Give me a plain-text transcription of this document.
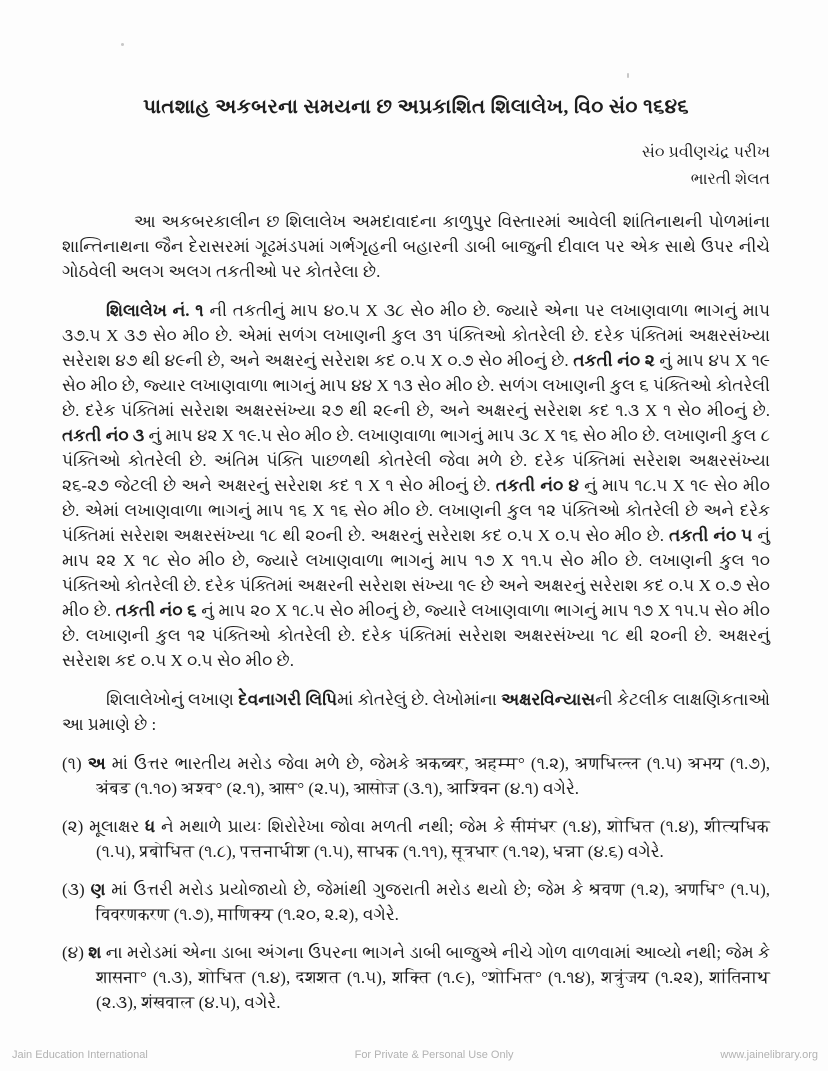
પાતશાહ અકબરના સમયના છ અપ્રકાશિત શિલાલેખ, વિ૦ સં૦ ૧૬૪૬
સં૦ પ્રવીણચંદ્ર પરીખ
ભારતી શેલત

આ અકબરકાલીન છ શિલાલેખ અમદાવાદના કાળુપુર વિસ્તારમાં આવેલી શાંતિનાથની પોળમાંના શાન્તિનાથના જૈન દેરાસરમાં ગૂઢમંડપમાં ગર્ભગૃહની બહારની ડાબી બાજુની દીવાલ પર એક સાથે ઉપર નીચે ગોઠવેલી અલગ અલગ તકતીઓ પર કોતરેલા છે.

શિલાલેખ નં. ૧ ની તકતીનું માપ ૪૦.૫ X ૩૮ સે૦ મી૦ છે. જ્યારે એના પર લખાણવાળા ભાગનું માપ ૩૭.૫ X ૩૭ સે૦ મી૦ છે. એમાં સળંગ લખાણની કુલ ૩૧ પંક્તિઓ કોતરેલી છે. દરેક પંક્તિમાં અક્ષરસંખ્યા સરેરાશ ૪૭ થી ૪૯ની છે, અને અક્ષરનું સરેરાશ કદ ૦.૫ X ૦.૭ સે૦ મી૦નું છે. તકતી નં૦ ૨ નું માપ ૪૫ X ૧૯ સે૦ મી૦ છે, જ્યાર લખાણવાળા ભાગનું માપ ૪૪ X ૧૩ સે૦ મી૦ છે. સળંગ લખાણની કુલ ૬ પંક્તિઓ કોતરેલી છે. દરેક પંક્તિમાં સરેરાશ અક્ષરસંખ્યા ૨૭ થી ૨૯ની છે, અને અક્ષરનું સરેરાશ કદ ૧.૩ X ૧ સે૦ મી૦નું છે. તકતી નં૦ ૩ નું માપ ૪૨ X ૧૯.૫ સે૦ મી૦ છે. લખાણવાળા ભાગનું માપ ૩૮ X ૧૬ સે૦ મી૦ છે. લખાણની કુલ ૮ પંક્તિઓ કોતરેલી છે. અંતિમ પંક્તિ પાછળથી કોતરેલી જેવા મળે છે. દરેક પંક્તિમાં સરેરાશ અક્ષરસંખ્યા ૨૬-૨૭ જેટલી છે અને અક્ષરનું સરેરાશ કદ ૧ X ૧ સે૦ મી૦નું છે. તકતી નં૦ ૪ નું માપ ૧૮.૫ X ૧૯ સે૦ મી૦ છે. એમાં લખાણવાળા ભાગનું માપ ૧૬ X ૧૬ સે૦ મી૦ છે. લખાણની કુલ ૧૨ પંક્તિઓ કોતરેલી છે અને દરેક પંક્તિમાં સરેરાશ અક્ષરસંખ્યા ૧૮ થી ૨૦ની છે. અક્ષરનું સરેરાશ કદ ૦.૫ X ૦.૫ સે૦ મી૦ છે. તકતી નં૦ ૫ નું માપ ૨૨ X ૧૮ સે૦ મી૦ છે, જ્યારે લખાણવાળા ભાગનું માપ ૧૭ X ૧૧.૫ સે૦ મી૦ છે. લખાણની કુલ ૧૦ પંક્તિઓ કોતરેલી છે. દરેક પંક્તિમાં અક્ષરની સરેરાશ સંખ્યા ૧૯ છે અને અક્ષરનું સરેરાશ કદ ૦.૫ X ૦.૭ સે૦ મી૦ છે. તકતી નં૦ ૬ નું માપ ૨૦ X ૧૮.૫ સે૦ મી૦નું છે, જ્યારે લખાણવાળા ભાગનું માપ ૧૭ X ૧૫.૫ સે૦ મી૦ છે. લખાણની કુલ ૧૨ પંક્તિઓ કોતરેલી છે. દરેક પંક્તિમાં સરેરાશ અક્ષરસંખ્યા ૧૮ થી ૨૦ની છે. અક્ષરનું સરેરાશ કદ ૦.૫ X ૦.૫ સે૦ મી૦ છે.

શિલાલેખોનું લખાણ દેવનાગરી લિપિમાં કોતરેલું છે. લેખોમાંના અક્ષરવિન્યાસની કેટલીક લાક્ષણિકતાઓ આ પ્રમાણે છે :

(૧) અ માં ઉત્તર ભારતીય મરોડ જેવા મળે છે, જેમકે अकब्बर, अहम्म° (૧.૨), अणधिल्ल (૧.૫) अभय (૧.૭), अंबड (૧.૧૦) अश्व° (૨.૧), आस° (૨.૫), आसोज (૩.૧), आश्विन (૪.૧) વગેરે.
(૨) મૂલાક્ષર ધ ને મથાળે પ્રાયઃ શિરોરેખા જોવા મળતી નથી; જેમ કે सीमंधर (૧.૪), शोधित (૧.૪), शीत्यधिक (૧.૫), प्रबोधित (૧.૮), पत्तनाधीश (૧.૫), साधक (૧.૧૧), सूत्रधार (૧.૧૨), धन्ना (૪.૬) વગેરે.
(૩) ણ માં ઉત્તરી મરોડ પ્રયોજાયો છે, જેમાંથી ગુજરાતી મરોડ થયો છે; જેમ કે श्रवण (૧.૨), अणधि° (૧.૫), विवरणकरण (૧.૭), माणिक्य (૧.૨૦, ૨.૨), વગેરે.
(૪) શ ના મરોડમાં એના ડાબા અંગના ઉપરના ભાગને ડાબી બાજુએ નીચે ગોળ વાળવામાં આવ્યો નથી; જેમ કે शासना° (૧.૩), शोधित (૧.૪), दशशत (૧.૫), शक्ति (૧.૯), °शोभित° (૧.૧૪), शत्रुंजय (૧.૨૨), शांतिनाथ (૨.૩), शंखवाल (૪.૫), વગેરે.
Jain Education International	For Private & Personal Use Only	www.jainelibrary.org
